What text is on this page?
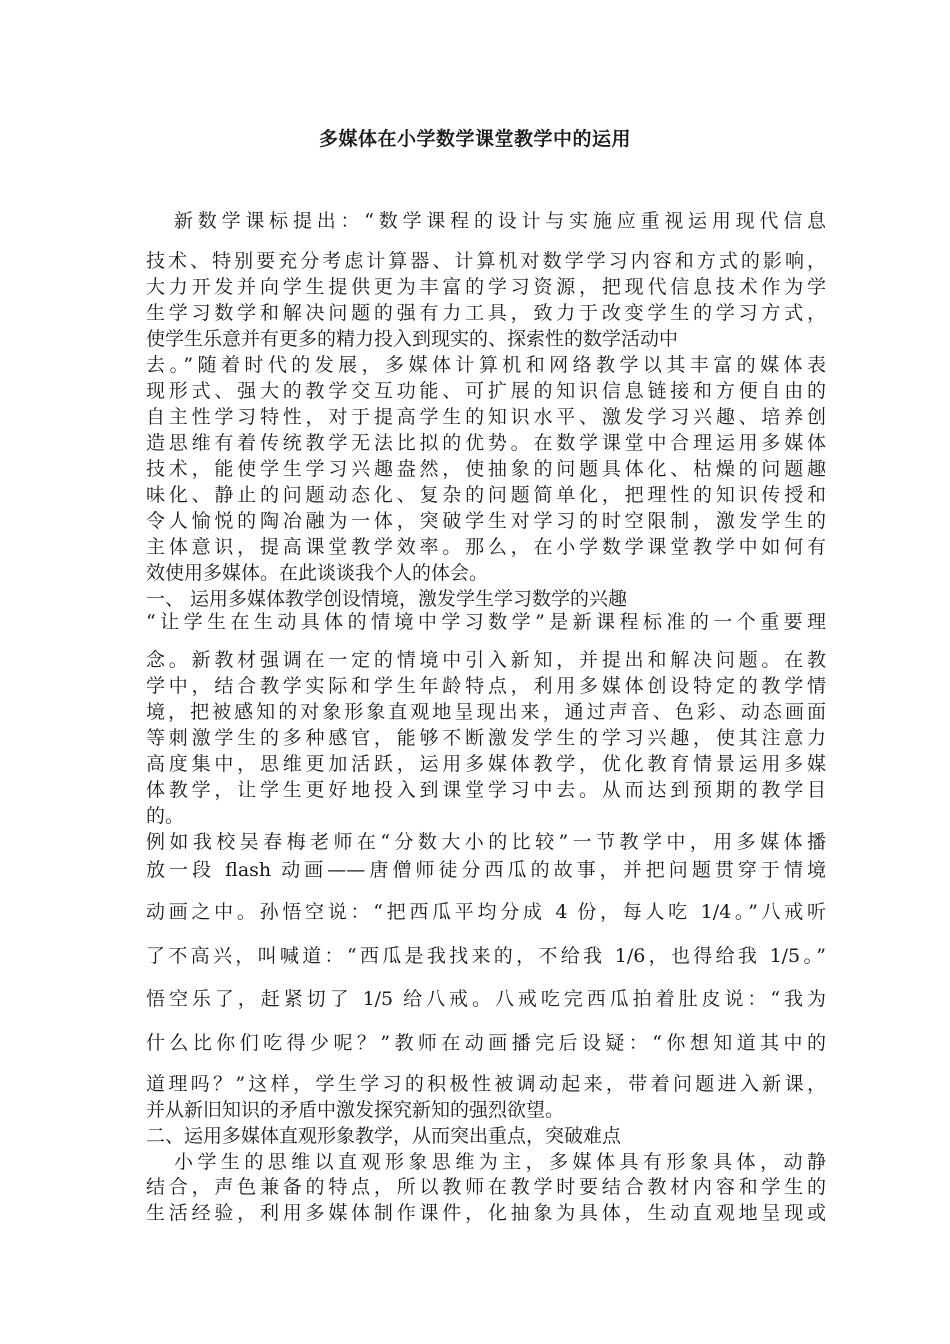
多媒体在小学数学课堂教学中的运用
新数学课标提出：“数学课程的设计与实施应重视运用现代信息
技术、特别要充分考虑计算器、计算机对数学学习内容和方式的影响，
大力开发并向学生提供更为丰富的学习资源，把现代信息技术作为学
生学习数学和解决问题的强有力工具，致力于改变学生的学习方式，
使学生乐意并有更多的精力投入到现实的、探索性的数学活动中
去。”随着时代的发展，多媒体计算机和网络教学以其丰富的媒体表
现形式、强大的教学交互功能、可扩展的知识信息链接和方便自由的
自主性学习特性，对于提高学生的知识水平、激发学习兴趣、培养创
造思维有着传统教学无法比拟的优势。在数学课堂中合理运用多媒体
技术，能使学生学习兴趣盎然，使抽象的问题具体化、枯燥的问题趣
味化、静止的问题动态化、复杂的问题简单化，把理性的知识传授和
令人愉悦的陶冶融为一体，突破学生对学习的时空限制，激发学生的
主体意识，提高课堂教学效率。那么，在小学数学课堂教学中如何有
效使用多媒体。在此谈谈我个人的体会。
一、 运用多媒体教学创设情境，激发学生学习数学的兴趣
“让学生在生动具体的情境中学习数学”是新课程标准的一个重要理
念。新教材强调在一定的情境中引入新知，并提出和解决问题。在教
学中，结合教学实际和学生年龄特点，利用多媒体创设特定的教学情
境，把被感知的对象形象直观地呈现出来，通过声音、色彩、动态画面
等刺激学生的多种感官，能够不断激发学生的学习兴趣，使其注意力
高度集中，思维更加活跃，运用多媒体教学，优化教育情景运用多媒
体教学，让学生更好地投入到课堂学习中去。从而达到预期的教学目
的。
例如我校吴春梅老师在“分数大小的比较”一节教学中，用多媒体播
放一段 flash 动画——唐僧师徒分西瓜的故事，并把问题贯穿于情境
动画之中。孙悟空说：“把西瓜平均分成 4 份，每人吃 1/4。”八戒听
了不高兴，叫喊道：“西瓜是我找来的，不给我 1/6，也得给我 1/5。”
悟空乐了，赶紧切了 1/5 给八戒。八戒吃完西瓜拍着肚皮说：“我为
什么比你们吃得少呢？”教师在动画播完后设疑：“你想知道其中的
道理吗？”这样，学生学习的积极性被调动起来，带着问题进入新课，
并从新旧知识的矛盾中激发探究新知的强烈欲望。
二、运用多媒体直观形象教学，从而突出重点，突破难点
小学生的思维以直观形象思维为主，多媒体具有形象具体，动静
结合，声色兼备的特点，所以教师在教学时要结合教材内容和学生的
生活经验，利用多媒体制作课件，化抽象为具体，生动直观地呈现或
